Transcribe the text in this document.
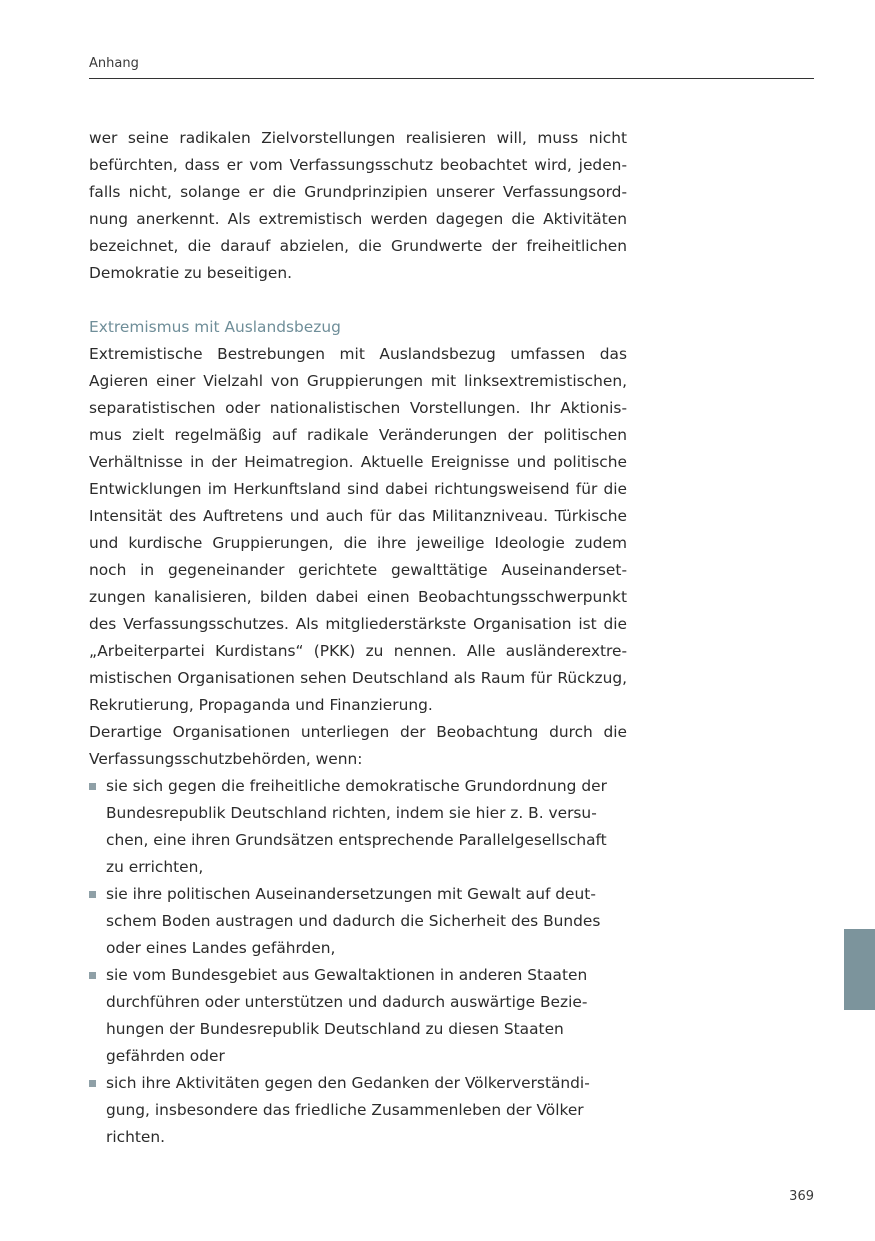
Anhang

wer seine radikalen Zielvorstellungen realisieren will, muss nicht befürchten, dass er vom Verfassungsschutz beobachtet wird, jedenfalls nicht, solange er die Grundprinzipien unserer Verfassungsordnung anerkennt. Als extremistisch werden dagegen die Aktivitäten bezeichnet, die darauf abzielen, die Grundwerte der freiheitlichen Demokratie zu beseitigen.

Extremismus mit Auslandsbezug

Extremistische Bestrebungen mit Auslandsbezug umfassen das Agieren einer Vielzahl von Gruppierungen mit linksextremistischen, separatistischen oder nationalistischen Vorstellungen. Ihr Aktionismus zielt regelmäßig auf radikale Veränderungen der politischen Verhältnisse in der Heimatregion. Aktuelle Ereignisse und politische Entwicklungen im Herkunftsland sind dabei richtungsweisend für die Intensität des Auftretens und auch für das Militanzniveau. Türkische und kurdische Gruppierungen, die ihre jeweilige Ideologie zudem noch in gegeneinander gerichtete gewalttätige Auseinandersetzungen kanalisieren, bilden dabei einen Beobachtungsschwerpunkt des Verfassungsschutzes. Als mitgliederstärkste Organisation ist die „Arbeiterpartei Kurdistans“ (PKK) zu nennen. Alle ausländerextremistischen Organisationen sehen Deutschland als Raum für Rückzug, Rekrutierung, Propaganda und Finanzierung.

Derartige Organisationen unterliegen der Beobachtung durch die Verfassungsschutzbehörden, wenn:

sie sich gegen die freiheitliche demokratische Grundordnung der Bundesrepublik Deutschland richten, indem sie hier z. B. versuchen, eine ihren Grundsätzen entsprechende Parallelgesellschaft zu errichten,
sie ihre politischen Auseinandersetzungen mit Gewalt auf deutschem Boden austragen und dadurch die Sicherheit des Bundes oder eines Landes gefährden,
sie vom Bundesgebiet aus Gewaltaktionen in anderen Staaten durchführen oder unterstützen und dadurch auswärtige Beziehungen der Bundesrepublik Deutschland zu diesen Staaten gefährden oder
sich ihre Aktivitäten gegen den Gedanken der Völkerverständigung, insbesondere das friedliche Zusammenleben der Völker richten.
369
